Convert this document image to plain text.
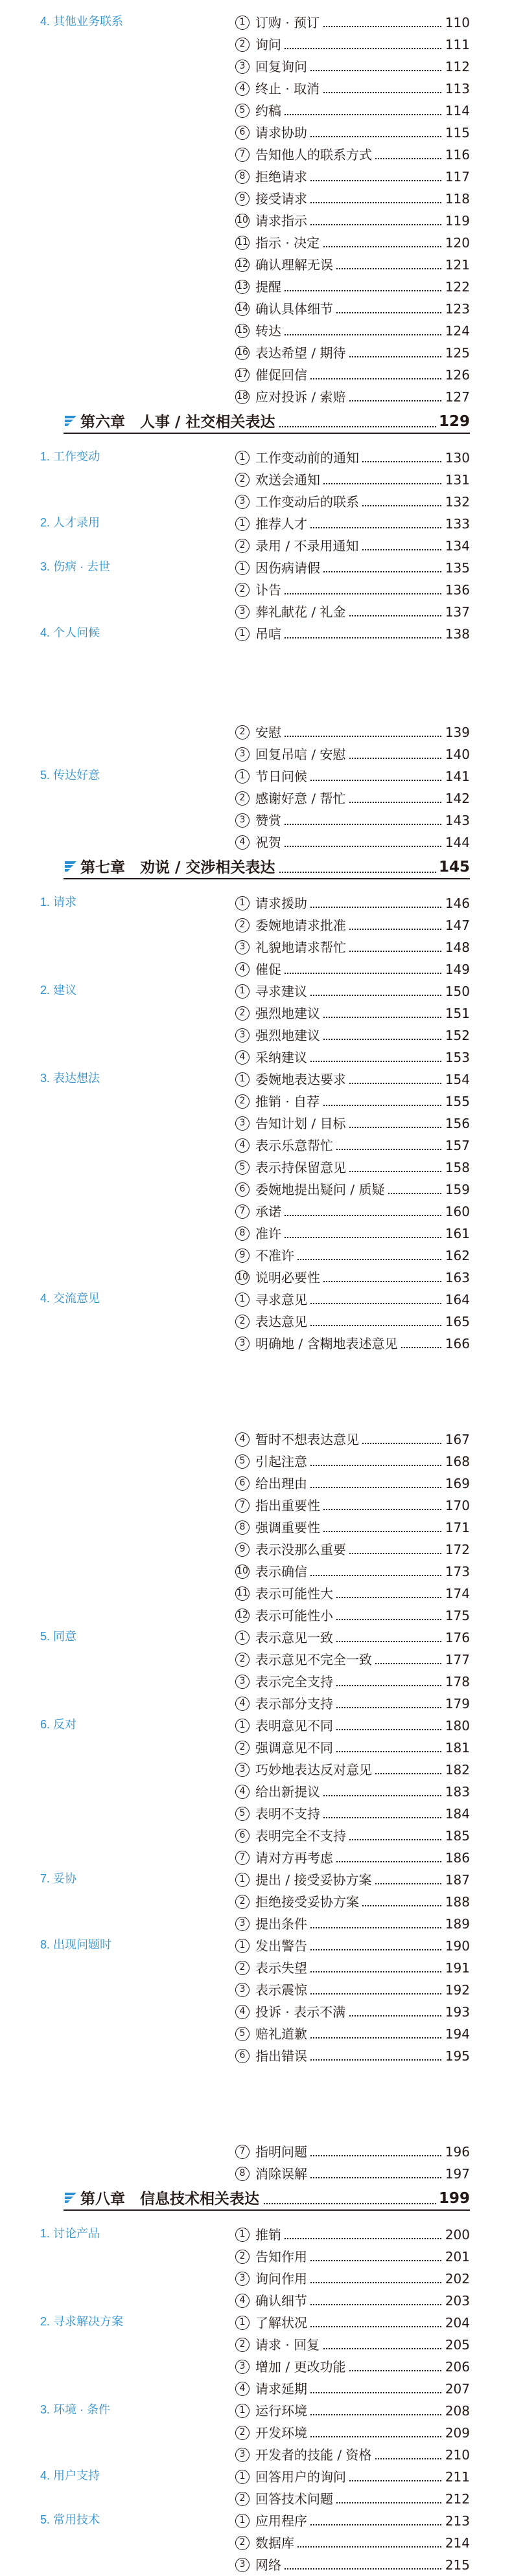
4. 其他业务联系	1 订购 · 预订	110
2 询问	111
3 回复询问	112
4 终止 · 取消	113
5 约稿	114
6 请求协助	115
7 告知他人的联系方式	116
8 拒绝请求	117
9 接受请求	118
10 请求指示	119
11 指示 · 决定	120
12 确认理解无误	121
13 提醒	122
14 确认具体细节	123
15 转达	124
16 表达希望 / 期待	125
17 催促回信	126
18 应对投诉 / 索赔	127
第六章　人事 / 社交相关表达	129
1. 工作变动	1 工作变动前的通知	130
2 欢送会通知	131
3 工作变动后的联系	132
2. 人才录用	1 推荐人才	133
2 录用 / 不录用通知	134
3. 伤病 · 去世	1 因伤病请假	135
2 讣告	136
3 葬礼献花 / 礼金	137
4. 个人问候	1 吊唁	138
2 安慰	139
3 回复吊唁 / 安慰	140
5. 传达好意	1 节日问候	141
2 感谢好意 / 帮忙	142
3 赞赏	143
4 祝贺	144
第七章　劝说 / 交涉相关表达	145
1. 请求	1 请求援助	146
2 委婉地请求批准	147
3 礼貌地请求帮忙	148
4 催促	149
2. 建议	1 寻求建议	150
2 强烈地建议	151
3 强烈地建议	152
4 采纳建议	153
3. 表达想法	1 委婉地表达要求	154
2 推销 · 自荐	155
3 告知计划 / 目标	156
4 表示乐意帮忙	157
5 表示持保留意见	158
6 委婉地提出疑问 / 质疑	159
7 承诺	160
8 准许	161
9 不准许	162
10 说明必要性	163
4. 交流意见	1 寻求意见	164
2 表达意见	165
3 明确地 / 含糊地表述意见	166
4 暂时不想表达意见	167
5 引起注意	168
6 给出理由	169
7 指出重要性	170
8 强调重要性	171
9 表示没那么重要	172
10 表示确信	173
11 表示可能性大	174
12 表示可能性小	175
5. 同意	1 表示意见一致	176
2 表示意见不完全一致	177
3 表示完全支持	178
4 表示部分支持	179
6. 反对	1 表明意见不同	180
2 强调意见不同	181
3 巧妙地表达反对意见	182
4 给出新提议	183
5 表明不支持	184
6 表明完全不支持	185
7 请对方再考虑	186
7. 妥协	1 提出 / 接受妥协方案	187
2 拒绝接受妥协方案	188
3 提出条件	189
8. 出现问题时	1 发出警告	190
2 表示失望	191
3 表示震惊	192
4 投诉 · 表示不满	193
5 赔礼道歉	194
6 指出错误	195
7 指明问题	196
8 消除误解	197
第八章　信息技术相关表达	199
1. 讨论产品	1 推销	200
2 告知作用	201
3 询问作用	202
4 确认细节	203
2. 寻求解决方案	1 了解状况	204
2 请求 · 回复	205
3 增加 / 更改功能	206
4 请求延期	207
3. 环境 · 条件	1 运行环境	208
2 开发环境	209
3 开发者的技能 / 资格	210
4. 用户支持	1 回答用户的询问	211
2 回答技术问题	212
5. 常用技术	1 应用程序	213
2 数据库	214
3 网络	215
